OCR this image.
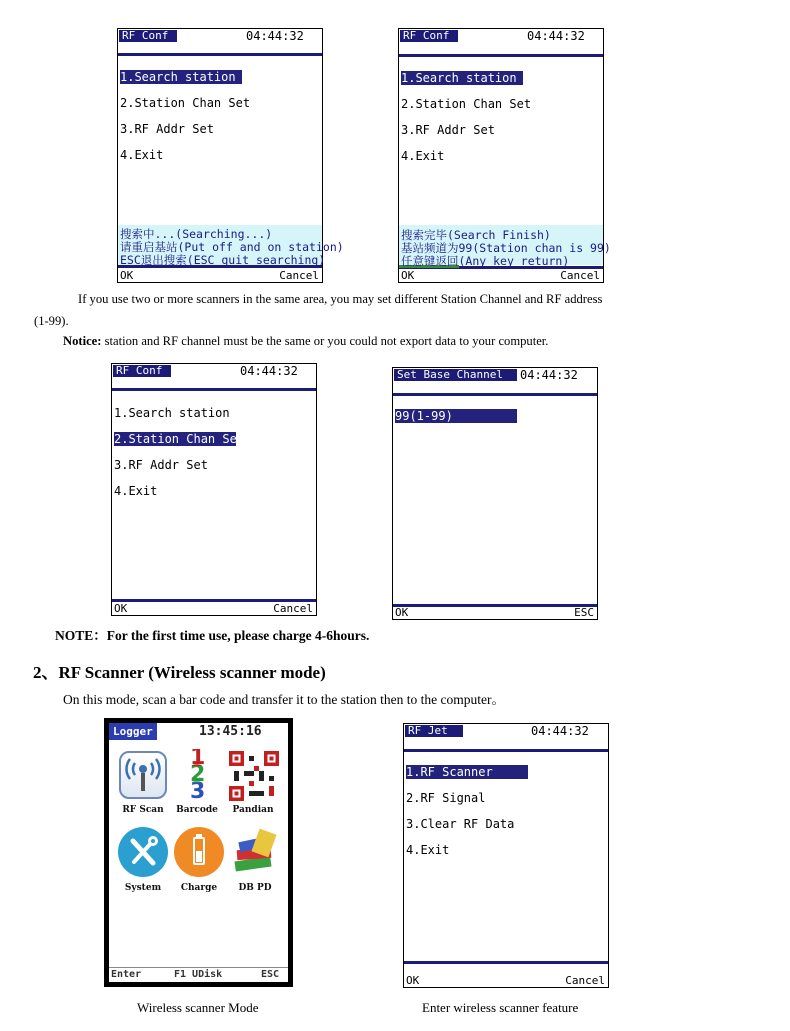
RF Conf	04:44:32
1.Search station
2.Station Chan Set
3.RF Addr Set
4.Exit
OK	Cancel
搜索中...(Searching...)
请重启基站(Put off and on station)
ESC退出搜索(ESC quit searching)
RF Conf	04:44:32
1.Search station
2.Station Chan Set
3.RF Addr Set
4.Exit
OK	Cancel
搜索完毕(Search Finish)
基站频道为99(Station chan is 99)
任意键返回(Any key return)
If you use two or more scanners in the same area, you may set different Station Channel and RF address
(1-99).
Notice: station and RF channel must be the same or you could not export data to your computer.
RF Conf	04:44:32
1.Search station
2.Station Chan Set
3.RF Addr Set
4.Exit
OK	Cancel
Set Base Channel	04:44:32
99(1-99)
OK	ESC
NOTE：For the first time use, please charge 4-6hours.
2、RF Scanner (Wireless scanner mode)
On this mode, scan a bar code and transfer it to the station then to the computer。
Logger	13:45:16
RF Scan
123
Barcode	Pandian
System	Charge	DB PD
Enter	F1 UDisk	ESC
RF Jet	04:44:32
1.RF Scanner
2.RF Signal
3.Clear RF Data
4.Exit
OK	Cancel
Wireless scanner Mode	Enter wireless scanner feature
